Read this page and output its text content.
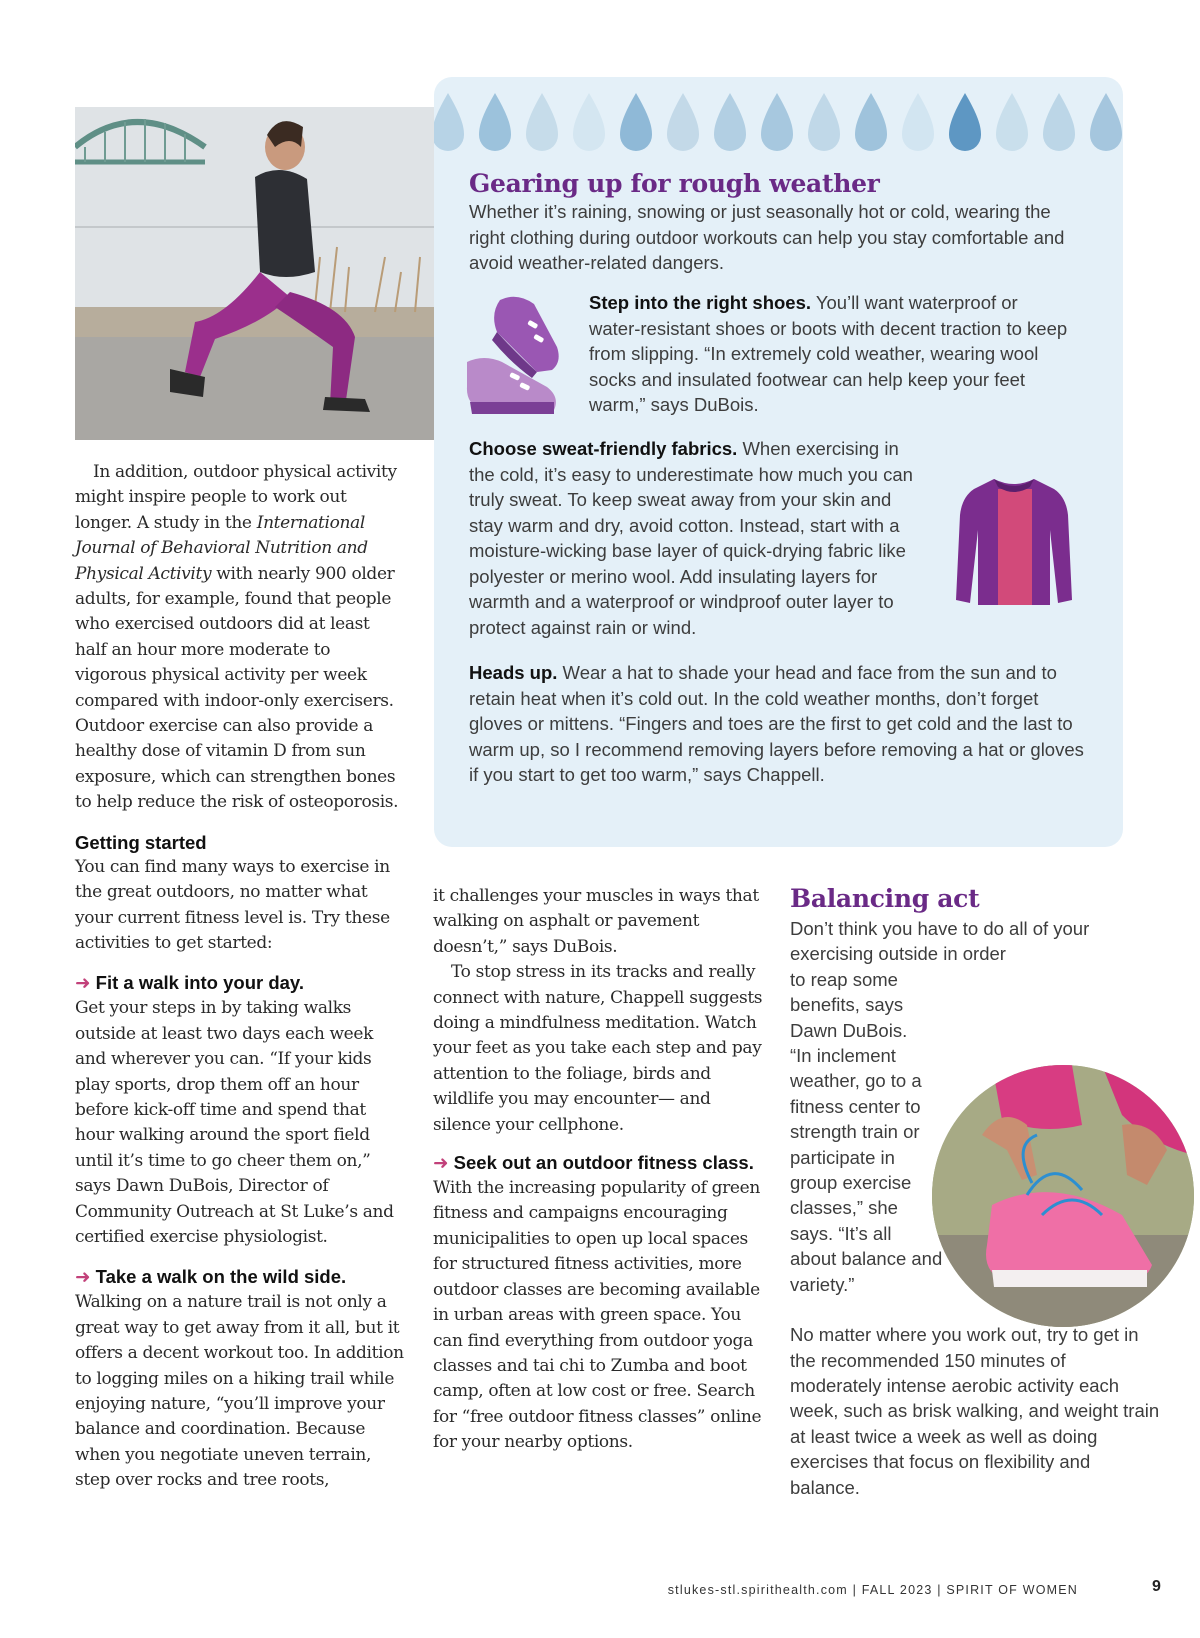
Gearing up for rough weather

Whether it’s raining, snowing or just seasonally hot or cold, wearing the right clothing during outdoor workouts can help you stay comfortable and avoid weather-related dangers.

Step into the right shoes. You’ll want waterproof or water-resistant shoes or boots with decent traction to keep from slipping. “In extremely cold weather, wearing wool socks and insulated footwear can help keep your feet warm,” says DuBois.

Choose sweat-friendly fabrics. When exercising in the cold, it’s easy to underestimate how much you can truly sweat. To keep sweat away from your skin and stay warm and dry, avoid cotton. Instead, start with a moisture-wicking base layer of quick-drying fabric like polyester or merino wool. Add insulating layers for warmth and a waterproof or windproof outer layer to protect against rain or wind.

Heads up. Wear a hat to shade your head and face from the sun and to retain heat when it’s cold out. In the cold weather months, don’t forget gloves or mittens. “Fingers and toes are the first to get cold and the last to warm up, so I recommend removing layers before removing a hat or gloves if you start to get too warm,” says Chappell.

In addition, outdoor physical activity might inspire people to work out longer. A study in the International Journal of Behavioral Nutrition and Physical Activity with nearly 900 older adults, for example, found that people who exercised outdoors did at least half an hour more moderate to vigorous physical activity per week compared with indoor-only exercisers. Outdoor exercise can also provide a healthy dose of vitamin D from sun exposure, which can strengthen bones to help reduce the risk of osteoporosis.

Getting started

You can find many ways to exercise in the great outdoors, no matter what your current fitness level is. Try these activities to get started:

➜ Fit a walk into your day.

Get your steps in by taking walks outside at least two days each week and wherever you can. “If your kids play sports, drop them off an hour before kick-off time and spend that hour walking around the sport field until it’s time to go cheer them on,” says Dawn DuBois, Director of Community Outreach at St Luke’s and certified exercise physiologist.

➜ Take a walk on the wild side.

Walking on a nature trail is not only a great way to get away from it all, but it offers a decent workout too. In addition to logging miles on a hiking trail while enjoying nature, “you’ll improve your balance and coordination. Because when you negotiate uneven terrain, step over rocks and tree roots,

it challenges your muscles in ways that walking on asphalt or pavement doesn’t,” says DuBois.

To stop stress in its tracks and really connect with nature, Chappell suggests doing a mindfulness meditation. Watch your feet as you take each step and pay attention to the foliage, birds and wildlife you may encounter— and silence your cellphone.

➜ Seek out an outdoor fitness class.

With the increasing popularity of green fitness and campaigns encouraging municipalities to open up local spaces for structured fitness activities, more outdoor classes are becoming available in urban areas with green space. You can find everything from outdoor yoga classes and tai chi to Zumba and boot camp, often at low cost or free. Search for “free outdoor fitness classes” online for your nearby options.

Balancing act

Don’t think you have to do all of your exercising outside in order to reap some benefits, says Dawn DuBois. “In inclement weather, go to a fitness center to strength train or participate in group exercise classes,” she says. “It’s all about balance and variety.”

No matter where you work out, try to get in the recommended 150 minutes of moderately intense aerobic activity each week, such as brisk walking, and weight train at least twice a week as well as doing exercises that focus on flexibility and balance.

stlukes-stl.spirithealth.com | FALL 2023 | SPIRIT OF WOMEN	9
